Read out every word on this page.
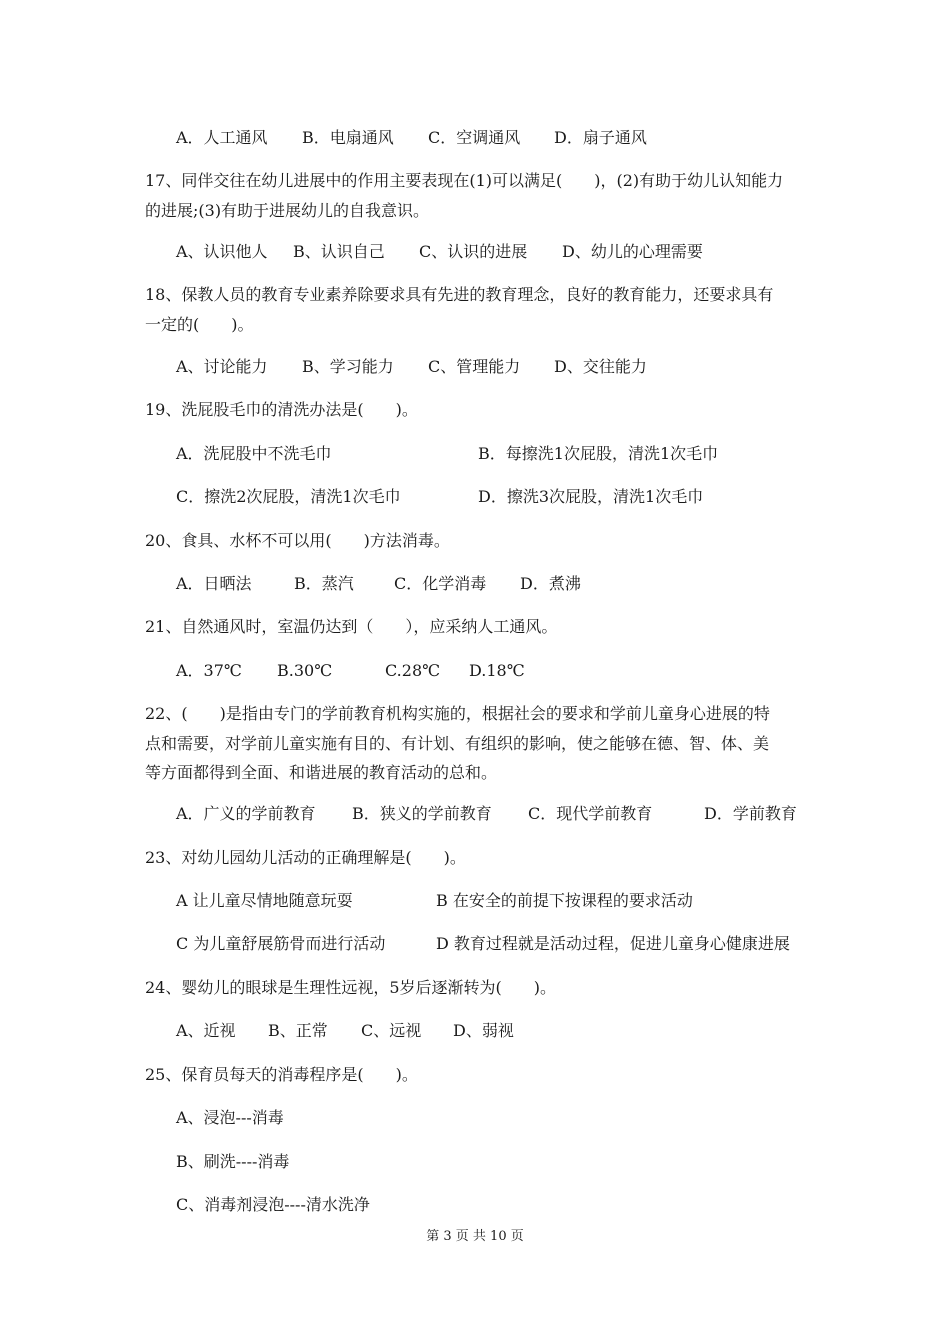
A．人工通风 B．电扇通风 C．空调通风 D．扇子通风
17、同伴交往在幼儿进展中的作用主要表现在(1)可以满足(　　)，(2)有助于幼儿认知能力
的进展;(3)有助于进展幼儿的自我意识。
A、认识他人 B、认识自己 C、认识的进展 D、幼儿的心理需要
18、保教人员的教育专业素养除要求具有先进的教育理念，良好的教育能力，还要求具有
一定的(　　)。
A、讨论能力 B、学习能力 C、管理能力 D、交往能力
19、洗屁股毛巾的清洗办法是(　　)。
A．洗屁股中不洗毛巾	B．每擦洗1次屁股，清洗1次毛巾
C．擦洗2次屁股，清洗1次毛巾	D．擦洗3次屁股，清洗1次毛巾
20、食具、水杯不可以用(　　)方法消毒。
A．日晒法	B．蒸汽	C．化学消毒 D．煮沸
21、自然通风时，室温仍达到（　　），应采纳人工通风。
A．37℃ B.30℃	C.28℃ D.18℃
22、(　　)是指由专门的学前教育机构实施的，根据社会的要求和学前儿童身心进展的特
点和需要，对学前儿童实施有目的、有计划、有组织的影响，使之能够在德、智、体、美
等方面都得到全面、和谐进展的教育活动的总和。
A．广义的学前教育 B．狭义的学前教育 C．现代学前教育	D．学前教育
23、对幼儿园幼儿活动的正确理解是(　　)。
A 让儿童尽情地随意玩耍	B 在安全的前提下按课程的要求活动
C 为儿童舒展筋骨而进行活动	D 教育过程就是活动过程，促进儿童身心健康进展
24、婴幼儿的眼球是生理性远视，5岁后逐渐转为(　　)。
A、近视 B、正常 C、远视 D、弱视
25、保育员每天的消毒程序是(　　)。
A、浸泡---消毒
B、刷洗----消毒
C、消毒剂浸泡----清水洗净
第 3 页 共 10 页
